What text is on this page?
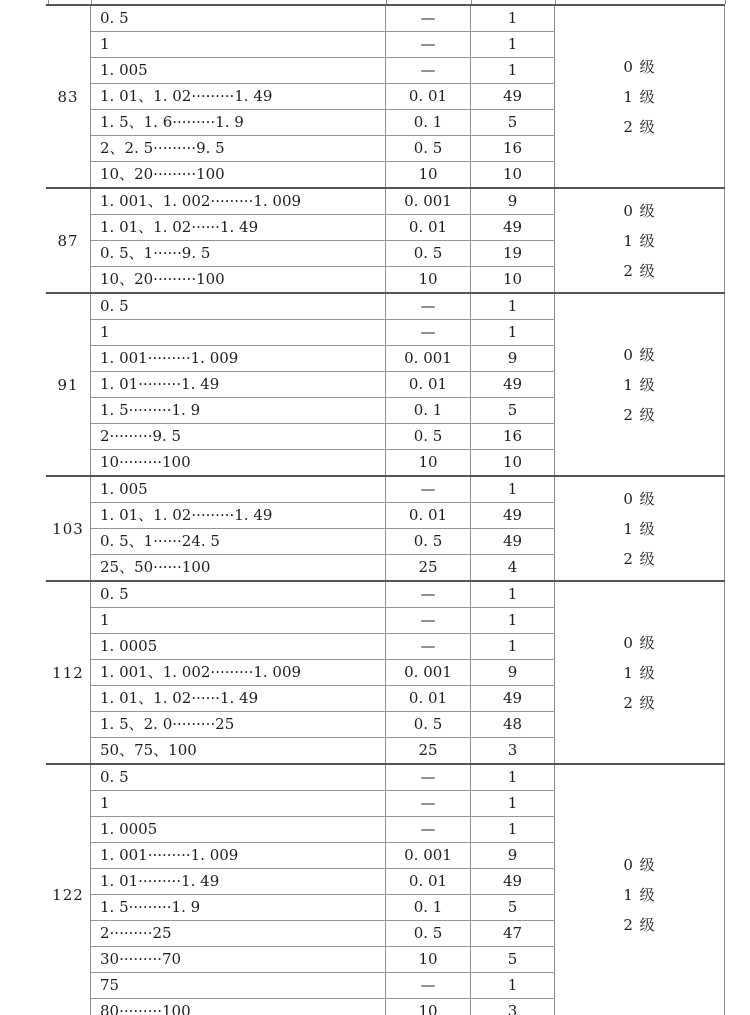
83
0. 5	—	1
1	—	1
1. 005	—	1
1. 01、1. 02·········1. 49	0. 01	49
1. 5、1. 6·········1. 9	0. 1	5
2、2. 5·········9. 5	0. 5	16
10、20·········100	10	10
0 级
1 级
2 级
87
1. 001、1. 002·········1. 009	0. 001	9
1. 01、1. 02······1. 49	0. 01	49
0. 5、1······9. 5	0. 5	19
10、20·········100	10	10
0 级
1 级
2 级
91
0. 5	—	1
1	—	1
1. 001·········1. 009	0. 001	9
1. 01·········1. 49	0. 01	49
1. 5·········1. 9	0. 1	5
2·········9. 5	0. 5	16
10·········100	10	10
0 级
1 级
2 级
103
1. 005	—	1
1. 01、1. 02·········1. 49	0. 01	49
0. 5、1······24. 5	0. 5	49
25、50······100	25	4
0 级
1 级
2 级
112
0. 5	—	1
1	—	1
1. 0005	—	1
1. 001、1. 002·········1. 009	0. 001	9
1. 01、1. 02······1. 49	0. 01	49
1. 5、2. 0·········25	0. 5	48
50、75、100	25	3
0 级
1 级
2 级
122
0. 5	—	1
1	—	1
1. 0005	—	1
1. 001·········1. 009	0. 001	9
1. 01·········1. 49	0. 01	49
1. 5·········1. 9	0. 1	5
2·········25	0. 5	47
30·········70	10	5
75	—	1
80·········100	10	3
0 级
1 级
2 级
